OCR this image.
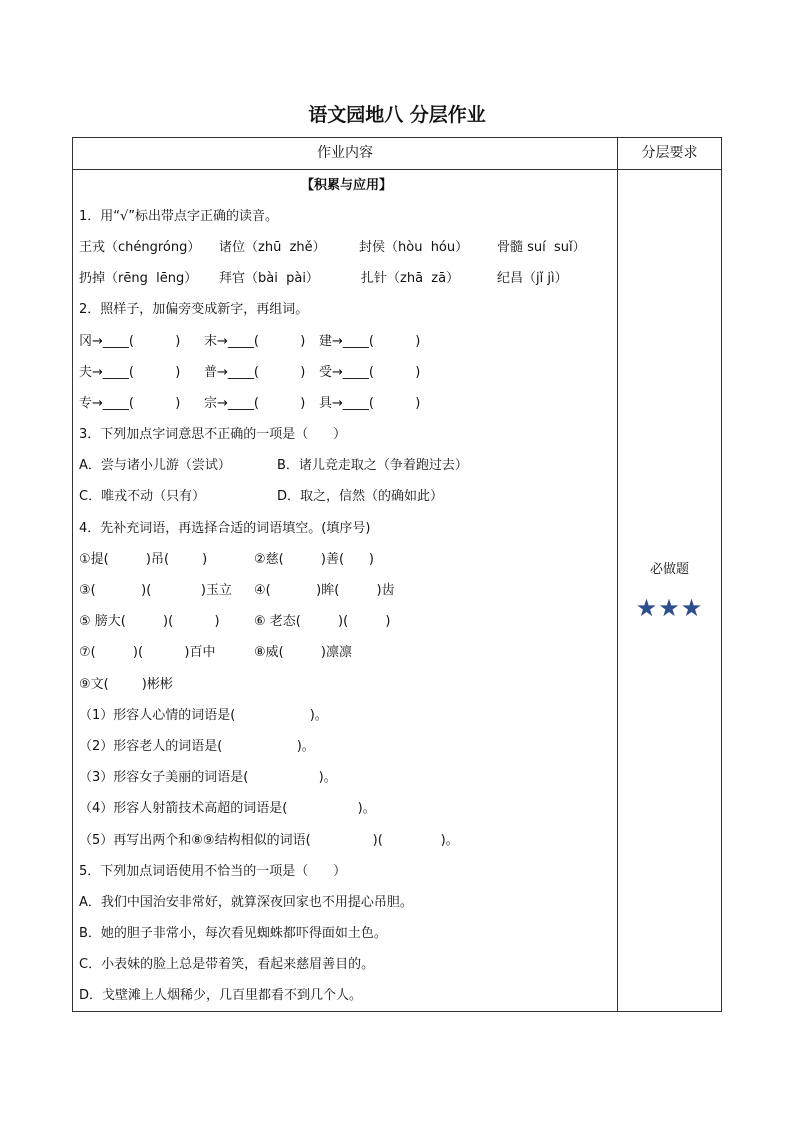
语文园地八 分层作业
作业内容	分层要求
【积累与应用】
1．用“√”标出带点字正确的读音。
王戎（chéngróng）	诸位（zhū  zhě）	封侯（hòu  hóu）	骨髓 suí  suǐ）
扔掉（rēng  lēng）	拜官（bài  pài）	扎针（zhā  zā）	纪昌（jǐ jì）
2．照样子，加偏旁变成新字，再组词。
冈→____(          )	末→____(          )	建→____(          )
夫→____(          )	普→____(          )	受→____(          )
专→____(          )	宗→____(          )	具→____(          )
3．下列加点字词意思不正确的一项是（      ）
A．尝与诸小儿游（尝试）	B．诸儿竞走取之（争着跑过去）
C．唯戎不动（只有）	D．取之，信然（的确如此）
4．先补充词语，再选择合适的词语填空。(填序号)
①提(         )吊(        )	②慈(         )善(      )
③(           )(            )玉立	④(           )眸(         )齿
⑤ 膀大(         )(          )	⑥ 老态(         )(         )
⑦(         )(          )百中	⑧威(         )凛凛
⑨文(        )彬彬
（1）形容人心情的词语是(                  )。
（2）形容老人的词语是(                  )。
（3）形容女子美丽的词语是(                 )。
（4）形容人射箭技术高超的词语是(                 )。
（5）再写出两个和⑧⑨结构相似的词语(               )(              )。
5．下列加点词语使用不恰当的一项是（      ）
A．我们中国治安非常好，就算深夜回家也不用提心吊胆。
B．她的胆子非常小，每次看见蜘蛛都吓得面如土色。
C．小表妹的脸上总是带着笑，看起来慈眉善目的。
D．戈壁滩上人烟稀少，几百里都看不到几个人。
必做题
★★★
